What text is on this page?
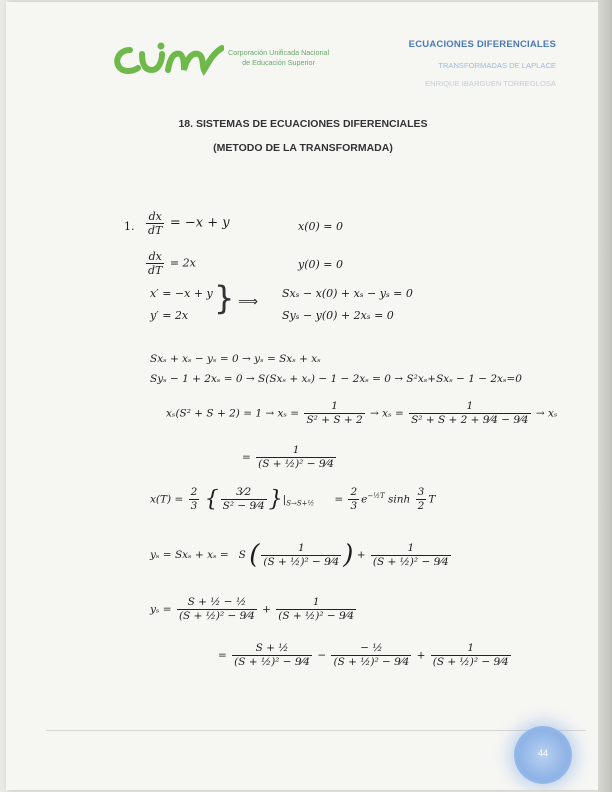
Corporación Unificada Nacional
de Educación Superior
ECUACIONES DIFERENCIALES
TRANSFORMADAS DE LAPLACE
ENRIQUE IBARGUEN TORREGLOSA
18. SISTEMAS DE ECUACIONES DIFERENCIALES
(METODO DE LA TRANSFORMADA)
1. $\frac{dx}{dT} = -x + y$	x(0) = 0
$\frac{dx}{dT} = 2x$	y(0) = 0
x′ = −x + y
y′ = 2x } ⟹
Sxₛ − x(0) + xₛ − yₛ = 0
Syₛ − y(0) + 2xₛ = 0
Sxₛ + xₛ − yₛ = 0 → yₛ = Sxₛ + xₛ
Syₛ − 1 + 2xₛ = 0 → S(Sxₛ + xₛ) − 1 − 2xₛ = 0 → S²xₛ+Sxₛ − 1 − 2xₛ=0
$x_s(S^2 + S + 2) = 1 \to x_s = \frac{1}{\text{S² + S + 2}} \to x_s = \frac{1}{\text{S² + S + 2 + 9⁄4 − 9⁄4}} \to x_s$
= $\frac{1}{\text{(S + ½)² − 9⁄4}}$
$x(T) = \frac{2}{3}$ { $\frac{3⁄2}{\text{S² − 9⁄4}} \}|_{S\to S+\frac{1}{2}}$      = $\frac{2}{3} e^{-\frac{1}{2}T}$ $\sinh \frac{3}{2}$ T
yₛ = Sxₛ + xₛ =   S ( $\frac{1}{\text{(S + ½)² − 9⁄4}}$ ) + $\frac{1}{\text{(S + ½)² − 9⁄4}}$
$y_s = \frac{\text{S + ½ − ½}}{\text{(S + ½)² − 9⁄4}} + \frac{1}{\text{(S + ½)² − 9⁄4}}$
= $\frac{\text{S + ½}}{\text{(S + ½)² − 9⁄4}} - \frac{\text{− ½}}{\text{(S + ½)² − 9⁄4}} + \frac{1}{\text{(S + ½)² − 9⁄4}}$
44
